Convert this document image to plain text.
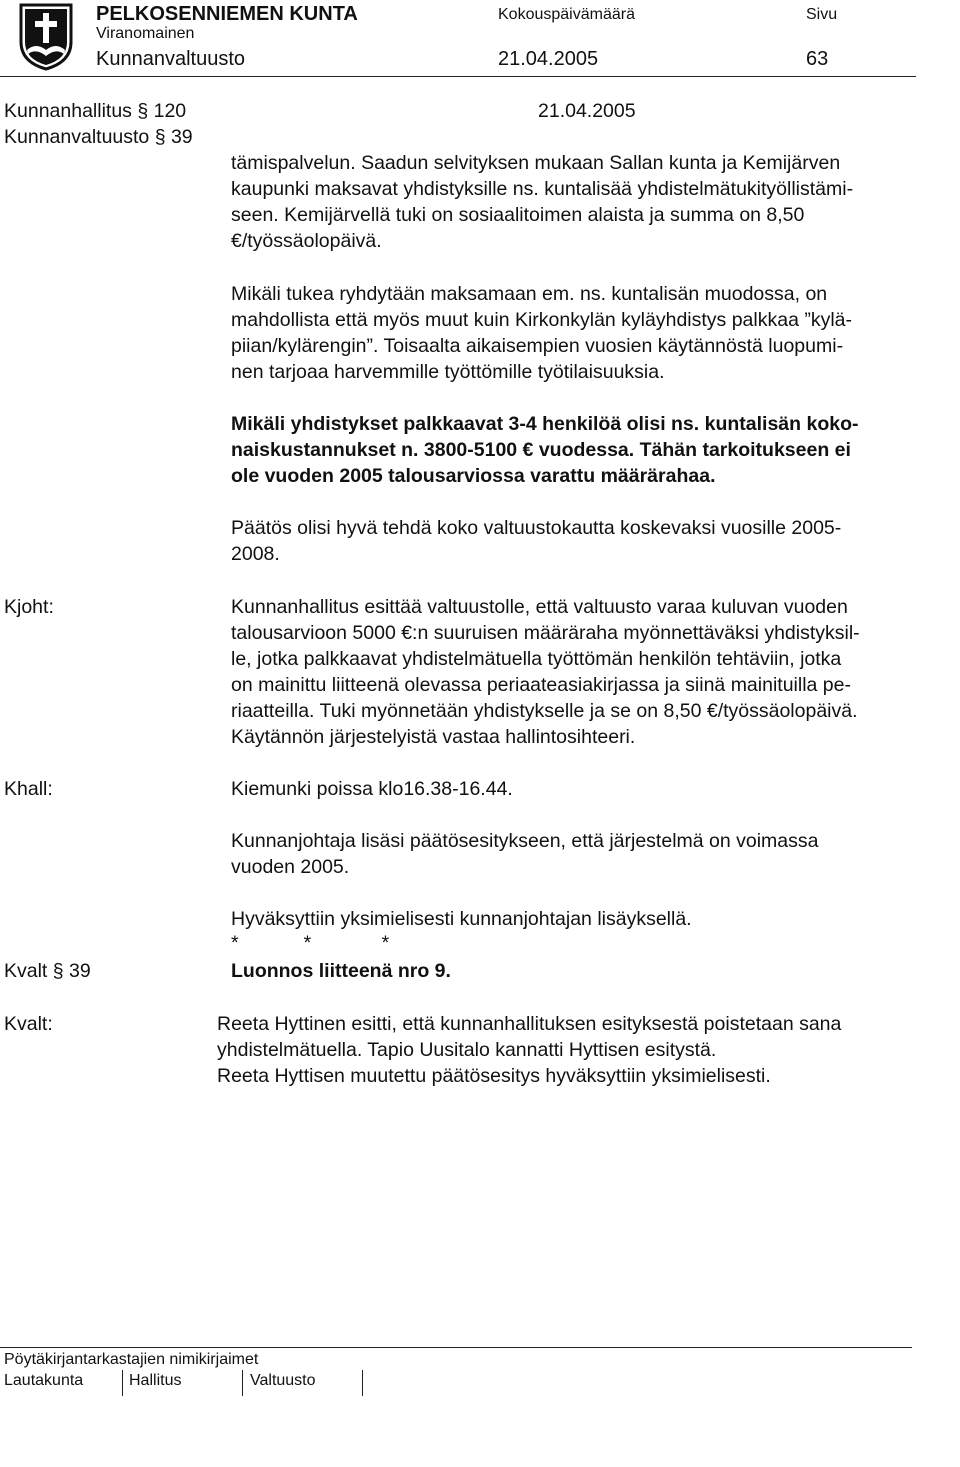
PELKOSENNIEMEN KUNTA
Viranomainen
Kunnanvaltuusto
Kokouspäivämäärä
21.04.2005
Sivu
63
Kunnanhallitus § 120	21.04.2005
Kunnanvaltuusto § 39
tämispalvelun. Saadun selvityksen mukaan Sallan kunta ja Kemijärven
kaupunki maksavat yhdistyksille ns. kuntalisää yhdistelmätukityöllistämi-
seen. Kemijärvellä tuki on sosiaalitoimen alaista ja summa on 8,50
€/työssäolopäivä.
Mikäli tukea ryhdytään maksamaan em. ns. kuntalisän muodossa, on
mahdollista että myös muut kuin Kirkonkylän kyläyhdistys palkkaa ”kylä-
piian/kylärengin”. Toisaalta aikaisempien vuosien käytännöstä luopumi-
nen tarjoaa harvemmille työttömille työtilaisuuksia.
Mikäli yhdistykset palkkaavat 3-4 henkilöä olisi ns. kuntalisän koko-
naiskustannukset n. 3800-5100 € vuodessa. Tähän tarkoitukseen ei
ole vuoden 2005 talousarviossa varattu määrärahaa.
Päätös olisi hyvä tehdä koko valtuustokautta koskevaksi vuosille 2005-
2008.
Kjoht:	Kunnanhallitus esittää valtuustolle, että valtuusto varaa kuluvan vuoden
talousarvioon 5000 €:n suuruisen määräraha myönnettäväksi yhdistyksil-
le, jotka palkkaavat yhdistelmätuella työttömän henkilön tehtäviin, jotka
on mainittu liitteenä olevassa periaateasiakirjassa ja siinä mainituilla pe-
riaatteilla. Tuki myönnetään yhdistykselle ja se on 8,50 €/työssäolopäivä.
Käytännön järjestelyistä vastaa hallintosihteeri.
Khall:	Kiemunki poissa klo16.38-16.44.
Kunnanjohtaja lisäsi päätösesitykseen, että järjestelmä on voimassa
vuoden 2005.
Hyväksyttiin yksimielisesti kunnanjohtajan lisäyksellä.
*            *             *
Kvalt § 39	Luonnos liitteenä nro 9.
Kvalt:	Reeta Hyttinen esitti, että kunnanhallituksen esityksestä poistetaan sana
yhdistelmätuella. Tapio Uusitalo kannatti Hyttisen esitystä.
Reeta Hyttisen muutettu päätösesitys hyväksyttiin yksimielisesti.
Pöytäkirjantarkastajien nimikirjaimet
Lautakunta	Hallitus	Valtuusto
